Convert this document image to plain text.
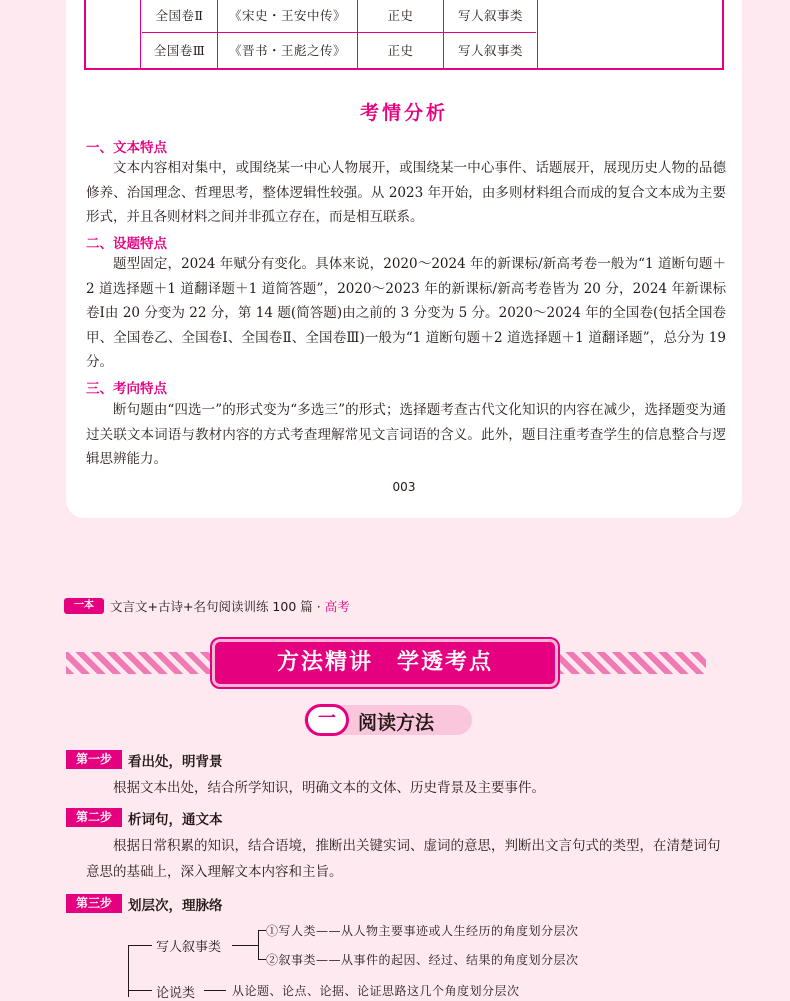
全国卷Ⅱ	《宋史・王安中传》	正史	写人叙事类
全国卷Ⅲ	《晋书・王彪之传》	正史	写人叙事类
考情分析
一、文本特点

文本内容相对集中，或围绕某一中心人物展开，或围绕某一中心事件、话题展开，展现历史人物的品德修养、治国理念、哲理思考，整体逻辑性较强。从 2023 年开始，由多则材料组合而成的复合文本成为主要形式，并且各则材料之间并非孤立存在，而是相互联系。

二、设题特点

题型固定，2024 年赋分有变化。具体来说，2020～2024 年的新课标/新高考卷一般为“1 道断句题＋2 道选择题＋1 道翻译题＋1 道简答题”，2020～2023 年的新课标/新高考卷皆为 20 分，2024 年新课标卷Ⅰ由 20 分变为 22 分，第 14 题(简答题)由之前的 3 分变为 5 分。2020～2024 年的全国卷(包括全国卷甲、全国卷乙、全国卷Ⅰ、全国卷Ⅱ、全国卷Ⅲ)一般为“1 道断句题＋2 道选择题＋1 道翻译题”，总分为 19 分。

三、考向特点

断句题由“四选一”的形式变为“多选三”的形式；选择题考查古代文化知识的内容在减少，选择题变为通过关联文本词语与教材内容的方式考查理解常见文言词语的含义。此外，题目注重考查学生的信息整合与逻辑思辨能力。

003
一本	文言文+古诗+名句阅读训练 100 篇 · 高考
方法精讲　学透考点
一	阅读方法
第一步	看出处，明背景

根据文本出处，结合所学知识，明确文本的文体、历史背景及主要事件。

第二步	析词句，通文本

根据日常积累的知识，结合语境，推断出关键实词、虚词的意思，判断出文言句式的类型，在清楚词句意思的基础上，深入理解文本内容和主旨。

第三步	划层次，理脉络
写人叙事类
①写人类——从人物主要事迹或人生经历的角度划分层次
②叙事类——从事件的起因、经过、结果的角度划分层次
论说类	从论题、论点、论据、论证思路这几个角度划分层次
